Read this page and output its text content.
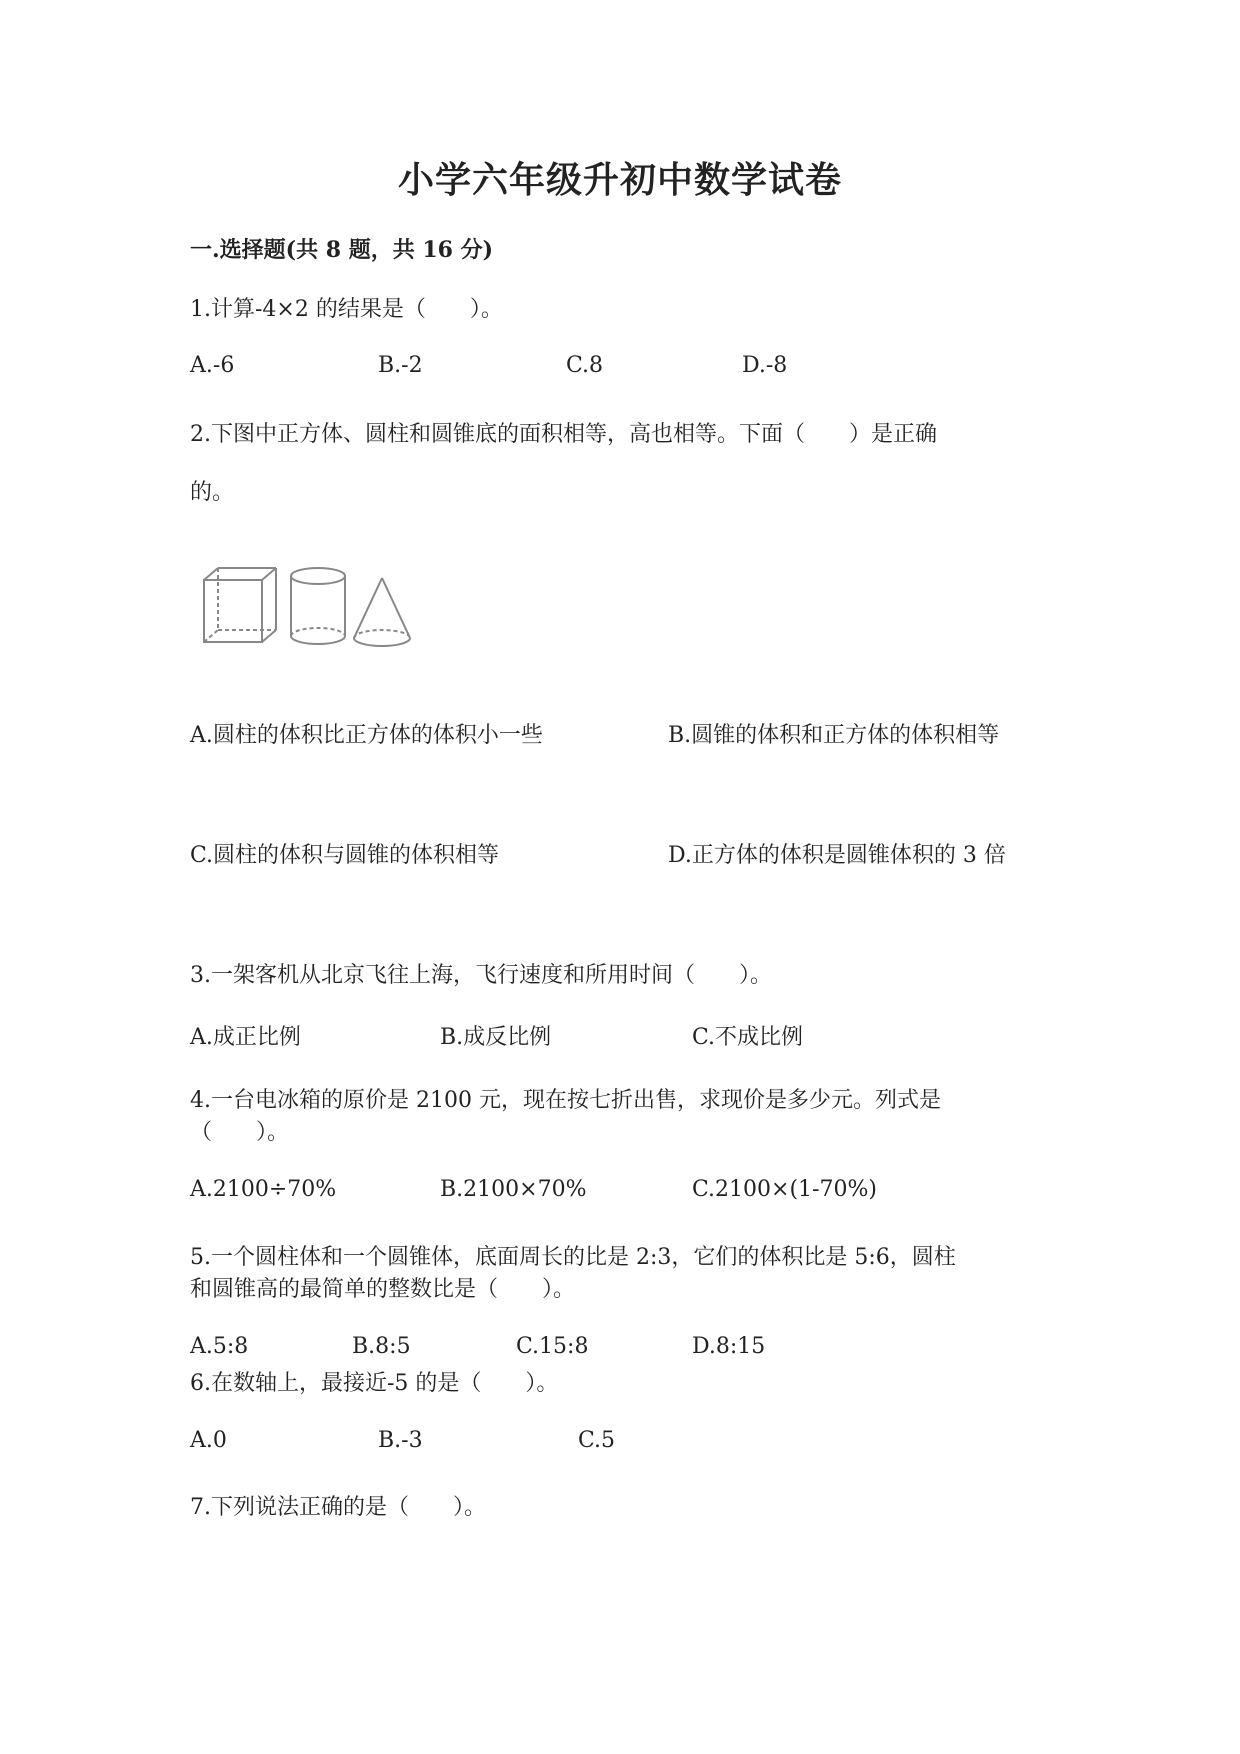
小学六年级升初中数学试卷
一.选择题(共 8 题，共 16 分)
1.计算-4×2 的结果是（　　）。
A.-6	B.-2	C.8	D.-8
2.下图中正方体、圆柱和圆锥底的面积相等，高也相等。下面（　　）是正确
的。
A.圆柱的体积比正方体的体积小一些	B.圆锥的体积和正方体的体积相等
C.圆柱的体积与圆锥的体积相等	D.正方体的体积是圆锥体积的 3 倍
3.一架客机从北京飞往上海，飞行速度和所用时间（　　）。
A.成正比例	B.成反比例	C.不成比例
4.一台电冰箱的原价是 2100 元，现在按七折出售，求现价是多少元。列式是
（　　）。
A.2100÷70%	B.2100×70%	C.2100×(1-70%)
5.一个圆柱体和一个圆锥体，底面周长的比是 2:3，它们的体积比是 5:6，圆柱
和圆锥高的最简单的整数比是（　　）。
A.5:8	B.8:5	C.15:8	D.8:15
6.在数轴上，最接近-5 的是（　　）。
A.0	B.-3	C.5
7.下列说法正确的是（　　）。
